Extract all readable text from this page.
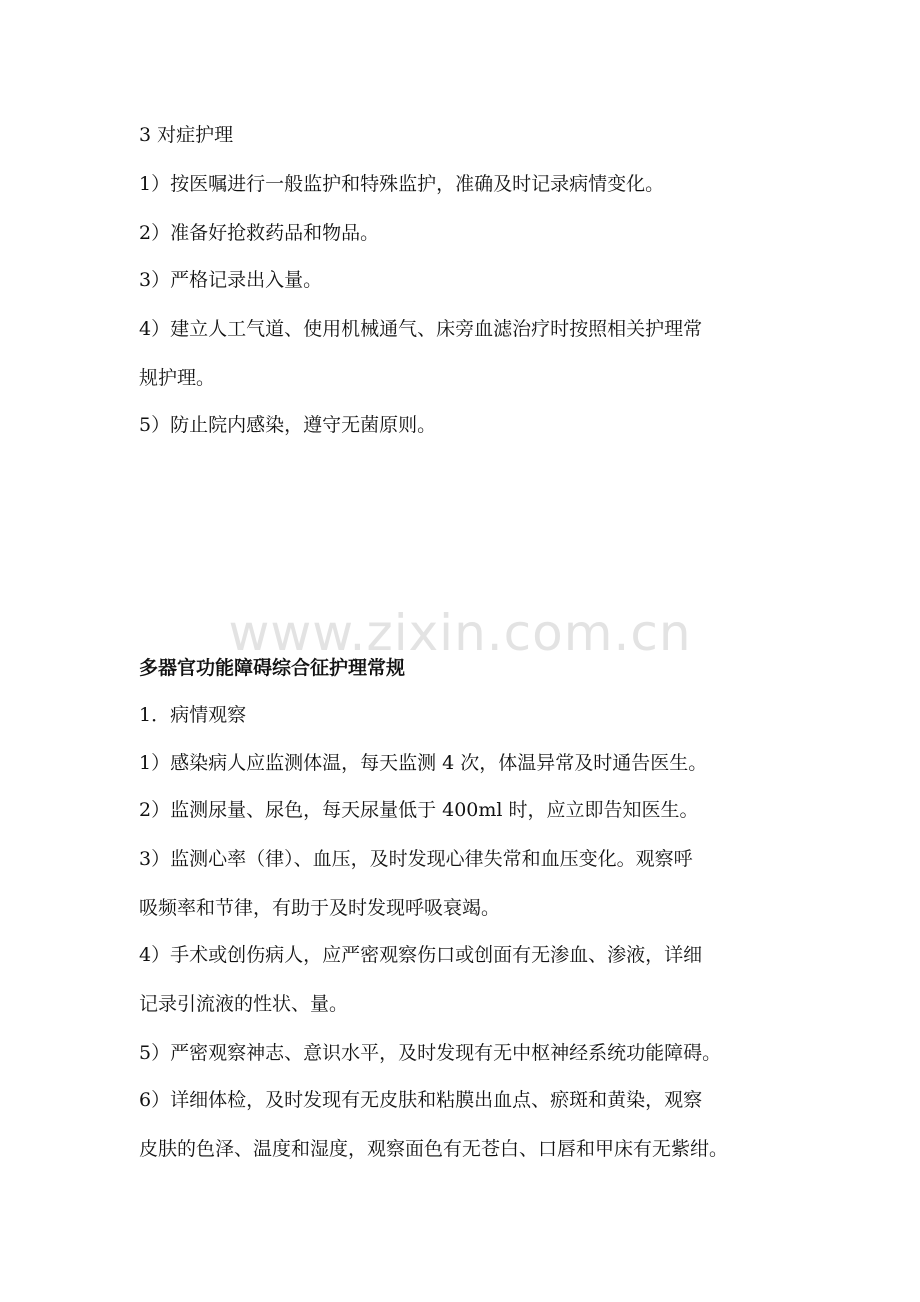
3 对症护理
1）按医嘱进行一般监护和特殊监护，准确及时记录病情变化。
2）准备好抢救药品和物品。
3）严格记录出入量。
4）建立人工气道、使用机械通气、床旁血滤治疗时按照相关护理常
规护理。
5）防止院内感染，遵守无菌原则。
www.zixin.com.cn
多器官功能障碍综合征护理常规
1．病情观察
1）感染病人应监测体温，每天监测 4 次，体温异常及时通告医生。
2）监测尿量、尿色，每天尿量低于 400ml 时，应立即告知医生。
3）监测心率（律）、血压，及时发现心律失常和血压变化。观察呼
吸频率和节律，有助于及时发现呼吸衰竭。
4）手术或创伤病人，应严密观察伤口或创面有无渗血、渗液，详细
记录引流液的性状、量。
5）严密观察神志、意识水平，及时发现有无中枢神经系统功能障碍。
6）详细体检，及时发现有无皮肤和粘膜出血点、瘀斑和黄染，观察
皮肤的色泽、温度和湿度，观察面色有无苍白、口唇和甲床有无紫绀。
